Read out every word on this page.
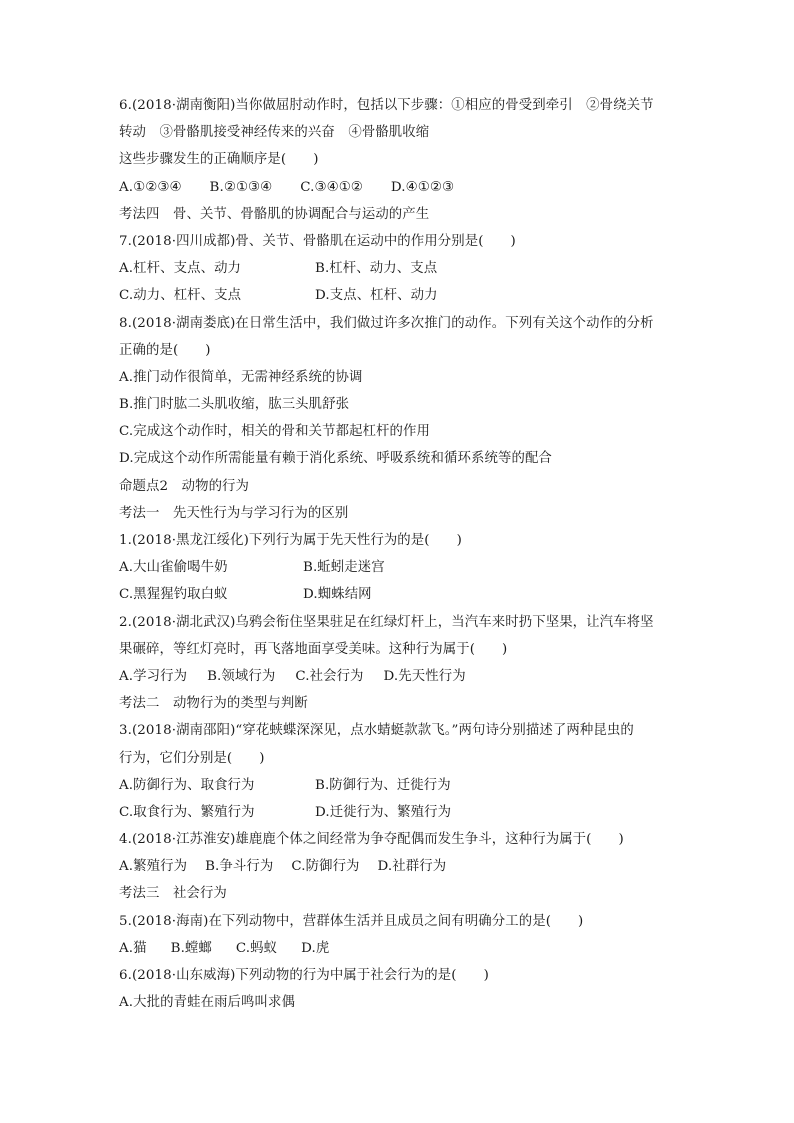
6.(2018·湖南衡阳)当你做屈肘动作时，包括以下步骤：①相应的骨受到牵引　②骨绕关节
转动　③骨骼肌接受神经传来的兴奋　④骨骼肌收缩
这些步骤发生的正确顺序是(　　)
A.①②③④ B.②①③④ C.③④①② D.④①②③
考法四　骨、关节、骨骼肌的协调配合与运动的产生
7.(2018·四川成都)骨、关节、骨骼肌在运动中的作用分别是(　　)
A.杠杆、支点、动力	B.杠杆、动力、支点
C.动力、杠杆、支点	D.支点、杠杆、动力
8.(2018·湖南娄底)在日常生活中，我们做过许多次推门的动作。下列有关这个动作的分析
正确的是(　　)
A.推门动作很简单，无需神经系统的协调
B.推门时肱二头肌收缩，肱三头肌舒张
C.完成这个动作时，相关的骨和关节都起杠杆的作用
D.完成这个动作所需能量有赖于消化系统、呼吸系统和循环系统等的配合
命题点2　动物的行为
考法一　先天性行为与学习行为的区别
1.(2018·黑龙江绥化)下列行为属于先天性行为的是(　　)
A.大山雀偷喝牛奶	B.蚯蚓走迷宫
C.黑猩猩钓取白蚁	D.蜘蛛结网
2.(2018·湖北武汉)乌鸦会衔住坚果驻足在红绿灯杆上，当汽车来时扔下坚果，让汽车将坚
果碾碎，等红灯亮时，再飞落地面享受美味。这种行为属于(　　)
A.学习行为 B.领域行为 C.社会行为 D.先天性行为
考法二　动物行为的类型与判断
3.(2018·湖南邵阳)“穿花蛱蝶深深见，点水蜻蜓款款飞。”两句诗分别描述了两种昆虫的
行为，它们分别是(　　)
A.防御行为、取食行为	B.防御行为、迁徙行为
C.取食行为、繁殖行为	D.迁徙行为、繁殖行为
4.(2018·江苏淮安)雄鹿鹿个体之间经常为争夺配偶而发生争斗，这种行为属于(　　)
A.繁殖行为 B.争斗行为 C.防御行为 D.社群行为
考法三　社会行为
5.(2018·海南)在下列动物中，营群体生活并且成员之间有明确分工的是(　　)
A.猫 B.螳螂 C.蚂蚁 D.虎
6.(2018·山东威海)下列动物的行为中属于社会行为的是(　　)
A.大批的青蛙在雨后鸣叫求偶
